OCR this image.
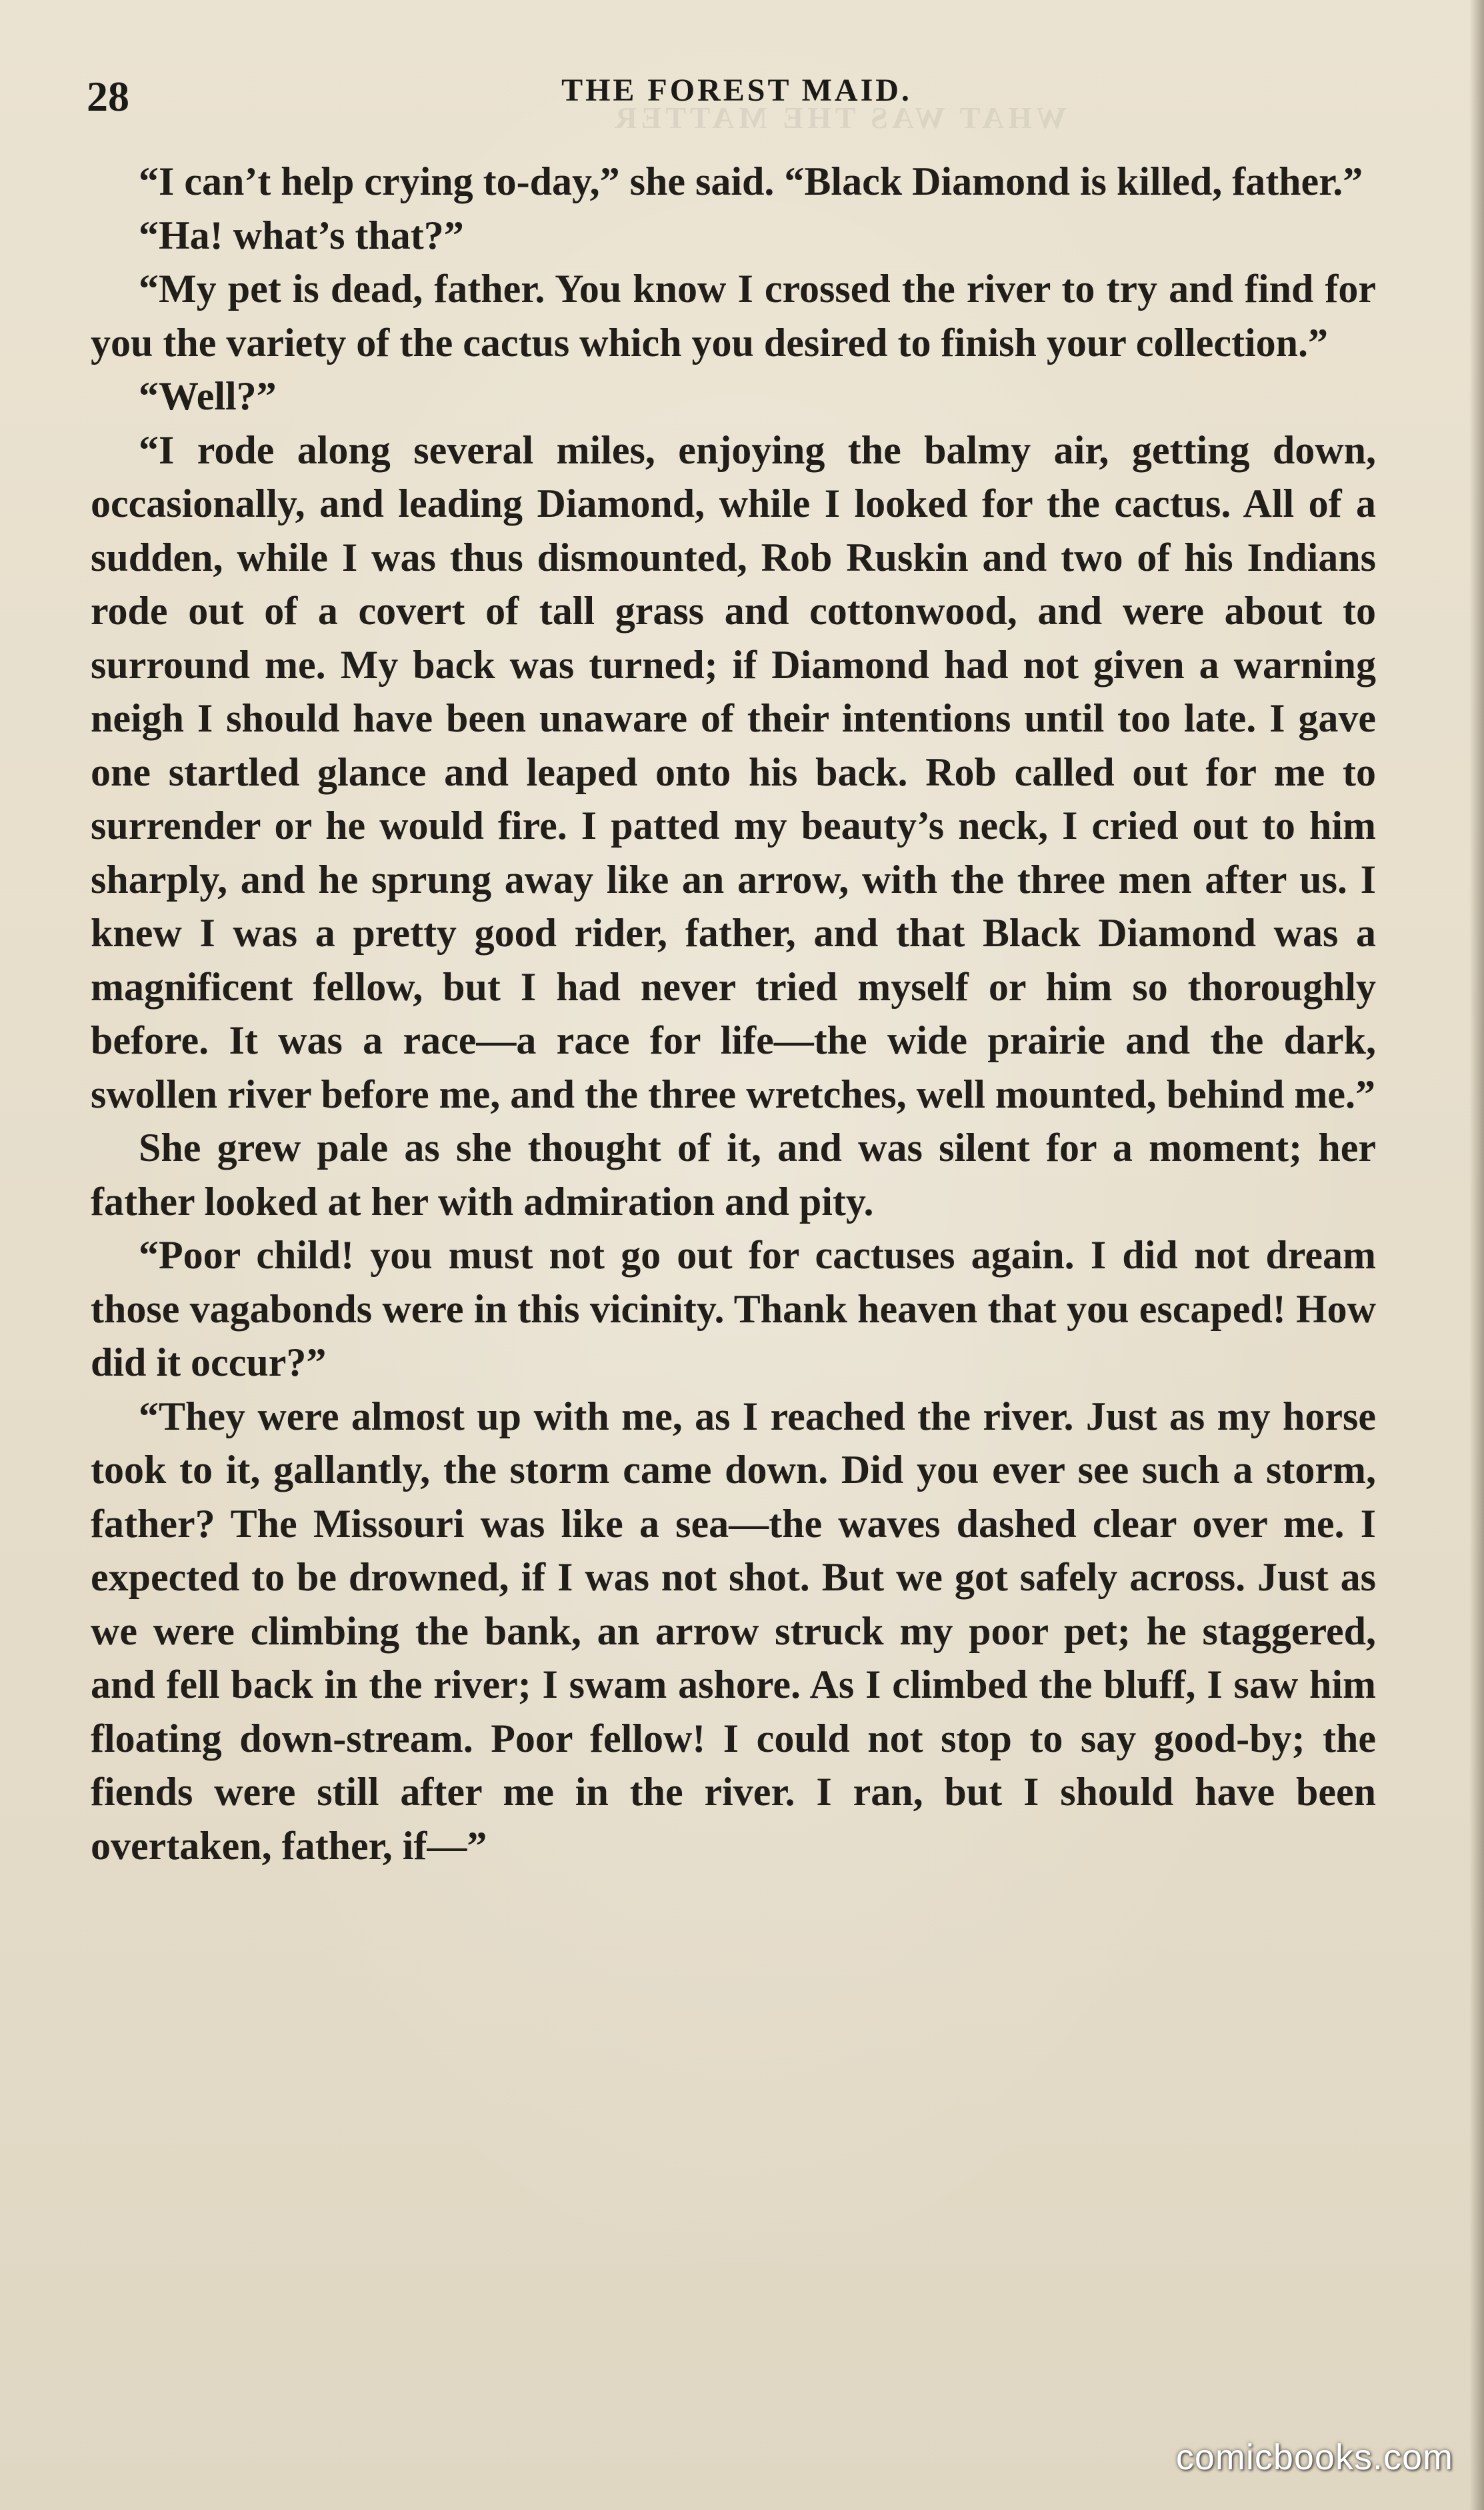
WHAT WAS THE MATTER
28	THE FOREST MAID.

“I can’t help crying to-day,” she said. “Black Diamond is killed, father.”

“Ha! what’s that?”

“My pet is dead, father. You know I crossed the river to try and find for you the variety of the cactus which you desired to finish your collection.”

“Well?”

“I rode along several miles, enjoying the balmy air, getting down, occasionally, and leading Diamond, while I looked for the cactus. All of a sudden, while I was thus dismounted, Rob Ruskin and two of his Indians rode out of a covert of tall grass and cottonwood, and were about to surround me. My back was turned; if Diamond had not given a warning neigh I should have been unaware of their intentions until too late. I gave one startled glance and leaped onto his back. Rob called out for me to surrender or he would fire. I patted my beauty’s neck, I cried out to him sharply, and he sprung away like an arrow, with the three men after us. I knew I was a pretty good rider, father, and that Black Diamond was a magnificent fellow, but I had never tried myself or him so thoroughly before. It was a race—a race for life—the wide prairie and the dark, swollen river before me, and the three wretches, well mounted, behind me.”

She grew pale as she thought of it, and was silent for a moment; her father looked at her with admiration and pity.

“Poor child! you must not go out for cactuses again. I did not dream those vagabonds were in this vicinity. Thank heaven that you escaped! How did it occur?”

“They were almost up with me, as I reached the river. Just as my horse took to it, gallantly, the storm came down. Did you ever see such a storm, father? The Missouri was like a sea—the waves dashed clear over me. I expected to be drowned, if I was not shot. But we got safely across. Just as we were climbing the bank, an arrow struck my poor pet; he staggered, and fell back in the river; I swam ashore. As I climbed the bluff, I saw him floating down-stream. Poor fellow! I could not stop to say good-by; the fiends were still after me in the river. I ran, but I should have been overtaken, father, if—”

comicbooks.com
